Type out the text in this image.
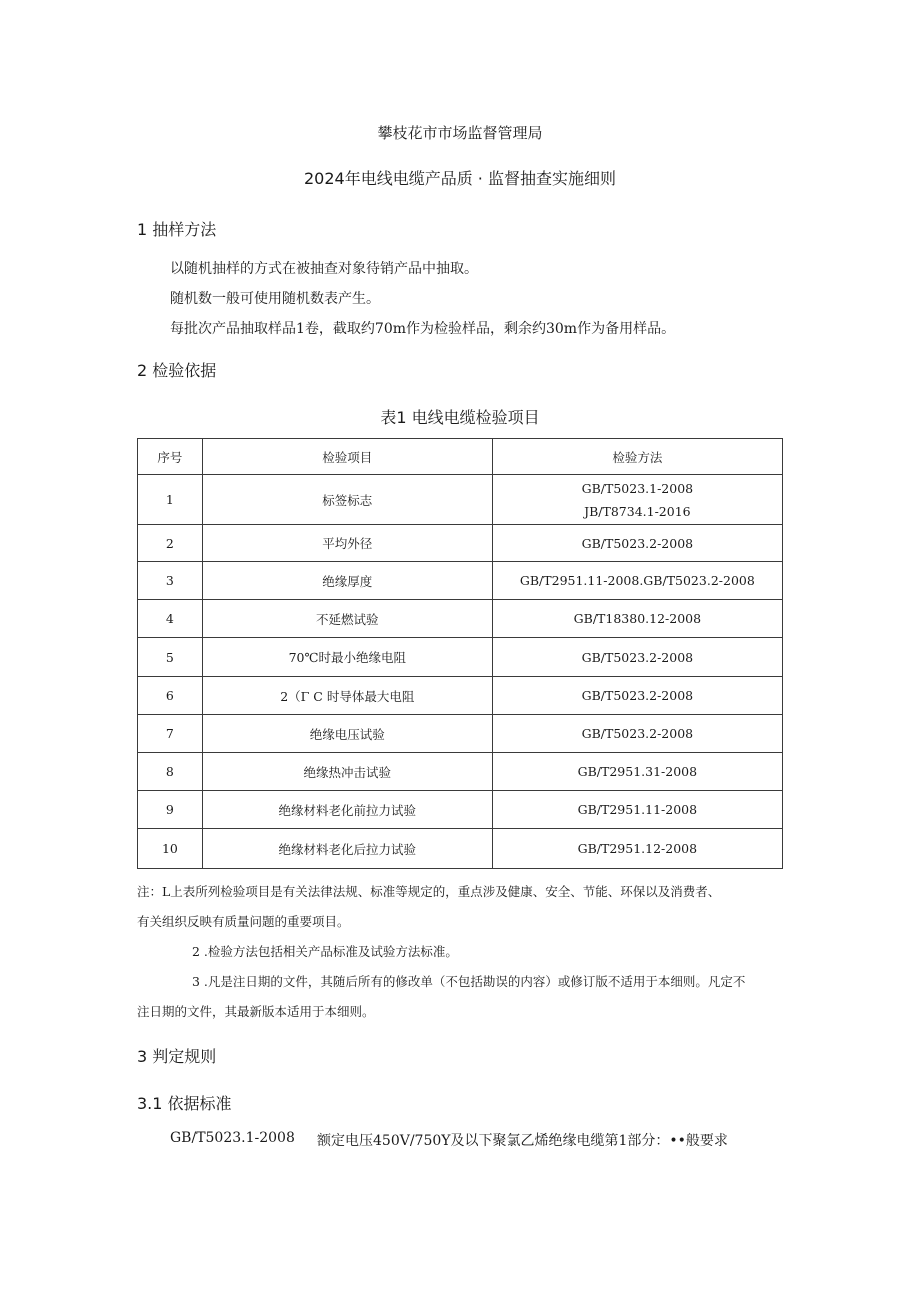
攀枝花市市场监督管理局
2024年电线电缆产品质 · 监督抽查实施细则
1 抽样方法
以随机抽样的方式在被抽查对象待销产品中抽取。
随机数一般可使用随机数表产生。
每批次产品抽取样品1卷，截取约70m作为检验样品，剩余约30m作为备用样品。
2 检验依据
表1 电线电缆检验项目
序号	检验项目	检验方法
1	标签标志	GB/T5023.1-2008
JB/T8734.1-2016

2	平均外径	GB/T5023.2-2008
3	绝缘厚度	GB/T2951.11-2008.GB/T5023.2-2008
4	不延燃试验	GB/T18380.12-2008
5	70℃时最小绝缘电阻	GB/T5023.2-2008
6	2（Γ C 时导体最大电阻	GB/T5023.2-2008
7	绝缘电压试验	GB/T5023.2-2008
8	绝缘热冲击试验	GB/T2951.31-2008
9	绝缘材料老化前拉力试验	GB/T2951.11-2008
10	绝缘材料老化后拉力试验	GB/T2951.12-2008
注：L上表所列检验项目是有关法律法规、标准等规定的，重点涉及健康、安全、节能、环保以及消费者、
有关组织反映有质量问题的重要项目。
2 .检验方法包括相关产品标准及试验方法标准。
3 .凡是注日期的文件，其随后所有的修改单（不包括勘误的内容）或修订版不适用于本细则。凡定不
注日期的文件，其最新版本适用于本细则。
3 判定规则
3.1 依据标准
GB/T5023.1-2008 额定电压450V/750Y及以下聚氯乙烯绝缘电缆第1部分：••般要求
